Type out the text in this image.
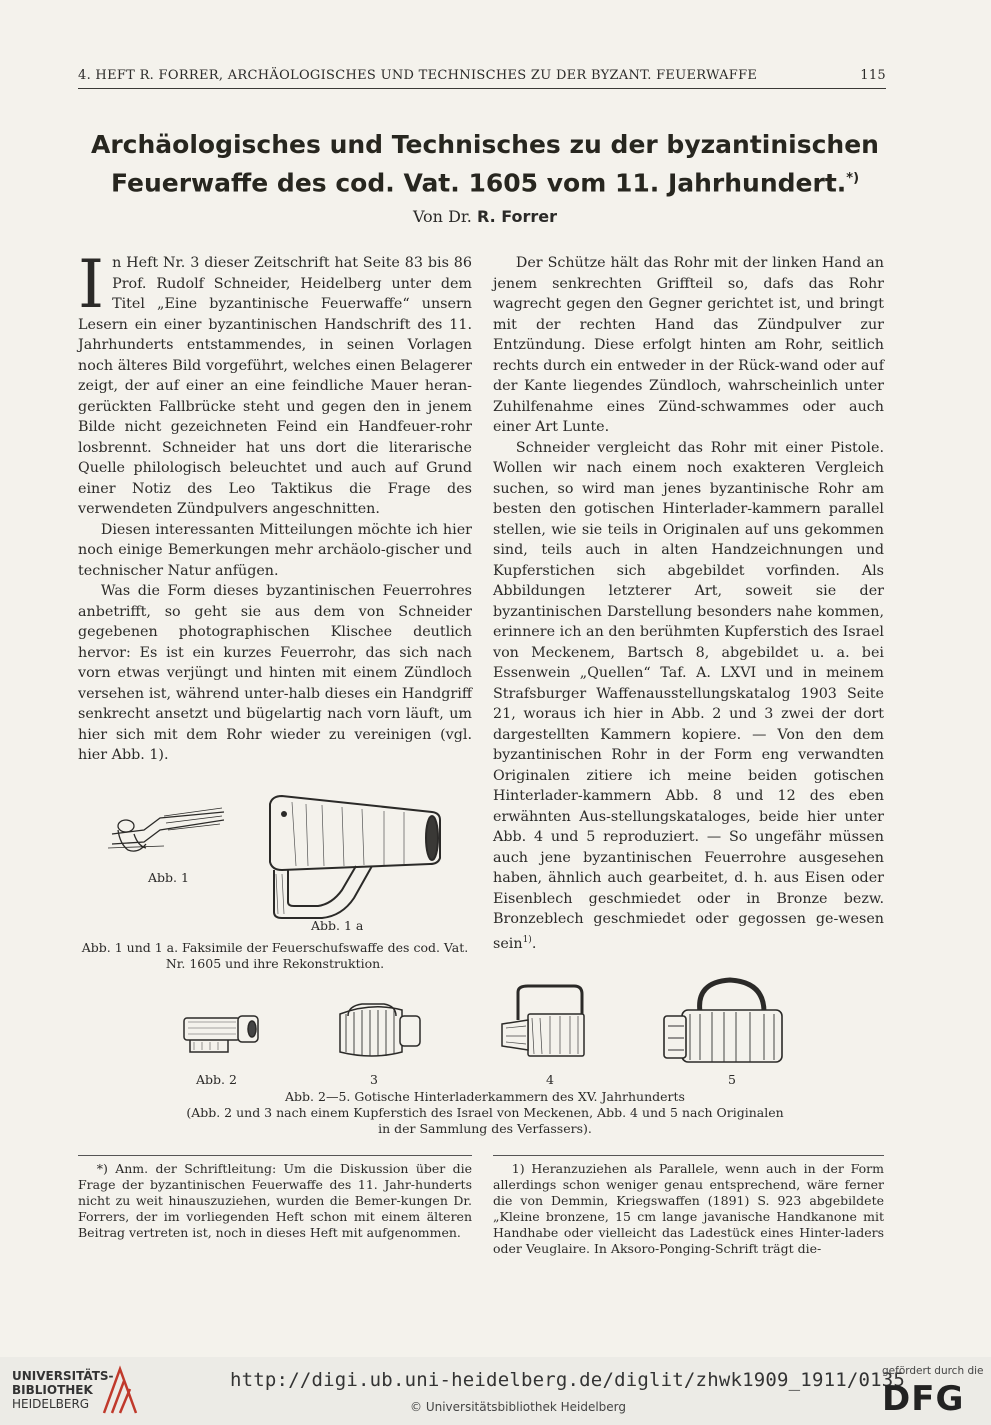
4. HEFT R. FORRER, ARCHÄOLOGISCHES UND TECHNISCHES ZU DER BYZANT. FEUERWAFFE	115
Archäologisches und Technisches zu der byzantinischen
Feuerwaffe des cod. Vat. 1605 vom 11. Jahrhundert.*)
Von Dr. R. Forrer

In Heft Nr. 3 dieser Zeitschrift hat Seite 83 bis 86 Prof. Rudolf Schneider, Heidelberg unter dem Titel „Eine byzantinische Feuerwaffe“ unsern Lesern ein einer byzantinischen Handschrift des 11. Jahrhunderts entstammendes, in seinen Vorlagen noch älteres Bild vorgeführt, welches einen Belagerer zeigt, der auf einer an eine feindliche Mauer heran-gerückten Fallbrücke steht und gegen den in jenem Bilde nicht gezeichneten Feind ein Handfeuer-rohr losbrennt. Schneider hat uns dort die literarische Quelle philologisch beleuchtet und auch auf Grund einer Notiz des Leo Taktikus die Frage des verwendeten Zündpulvers angeschnitten.

Diesen interessanten Mitteilungen möchte ich hier noch einige Bemerkungen mehr archäolo-gischer und technischer Natur anfügen.

Was die Form dieses byzantinischen Feuerrohres anbetrifft, so geht sie aus dem von Schneider gegebenen photographischen Klischee deutlich hervor: Es ist ein kurzes Feuerrohr, das sich nach vorn etwas verjüngt und hinten mit einem Zündloch versehen ist, während unter-halb dieses ein Handgriff senkrecht ansetzt und bügelartig nach vorn läuft, um hier sich mit dem Rohr wieder zu vereinigen (vgl. hier Abb. 1).

Der Schütze hält das Rohr mit der linken Hand an jenem senkrechten Griffteil so, dafs das Rohr wagrecht gegen den Gegner gerichtet ist, und bringt mit der rechten Hand das Zündpulver zur Entzündung. Diese erfolgt hinten am Rohr, seitlich rechts durch ein entweder in der Rück-wand oder auf der Kante liegendes Zündloch, wahrscheinlich unter Zuhilfenahme eines Zünd-schwammes oder auch einer Art Lunte.

Schneider vergleicht das Rohr mit einer Pistole. Wollen wir nach einem noch exakteren Vergleich suchen, so wird man jenes byzantinische Rohr am besten den gotischen Hinterlader-kammern parallel stellen, wie sie teils in Originalen auf uns gekommen sind, teils auch in alten Handzeichnungen und Kupferstichen sich abgebildet vorfinden. Als Abbildungen letzterer Art, soweit sie der byzantinischen Darstellung besonders nahe kommen, erinnere ich an den berühmten Kupferstich des Israel von Meckenem, Bartsch 8, abgebildet u. a. bei Essenwein „Quellen“ Taf. A. LXVI und in meinem Strafsburger Waffenausstellungskatalog 1903 Seite 21, woraus ich hier in Abb. 2 und 3 zwei der dort dargestellten Kammern kopiere. — Von den dem byzantinischen Rohr in der Form eng verwandten Originalen zitiere ich meine beiden gotischen Hinterlader-kammern Abb. 8 und 12 des eben erwähnten Aus-stellungskataloges, beide hier unter Abb. 4 und 5 reproduziert. — So ungefähr müssen auch jene byzantinischen Feuerrohre ausgesehen haben, ähnlich auch gearbeitet, d. h. aus Eisen oder Eisenblech geschmiedet oder in Bronze bezw. Bronzeblech geschmiedet oder gegossen ge-wesen sein$^{1)}$.

Abb. 1
Abb. 1 a
Abb. 1 und 1 a. Faksimile der Feuerschufswaffe des cod. Vat. Nr. 1605 und ihre Rekonstruktion.
Abb. 2	3	4	5
Abb. 2—5. Gotische Hinterladerkammern des XV. Jahrhunderts
(Abb. 2 und 3 nach einem Kupferstich des Israel von Meckenen, Abb. 4 und 5 nach Originalen
in der Sammlung des Verfassers).

*) Anm. der Schriftleitung: Um die Diskussion über die Frage der byzantinischen Feuerwaffe des 11. Jahr-hunderts nicht zu weit hinauszuziehen, wurden die Bemer-kungen Dr. Forrers, der im vorliegenden Heft schon mit einem älteren Beitrag vertreten ist, noch in dieses Heft mit aufgenommen.

1) Heranzuziehen als Parallele, wenn auch in der Form allerdings schon weniger genau entsprechend, wäre ferner die von Demmin, Kriegswaffen (1891) S. 923 abgebildete „Kleine bronzene, 15 cm lange javanische Handkanone mit Handhabe oder vielleicht das Ladestück eines Hinter-laders oder Veuglaire. In Aksoro-Ponging-Schrift trägt die-

UNIVERSITÄTS-
BIBLIOTHEK
HEIDELBERG
http://digi.ub.uni-heidelberg.de/diglit/zhwk1909_1911/0135
© Universitätsbibliothek Heidelberg
gefördert durch die
DFG
